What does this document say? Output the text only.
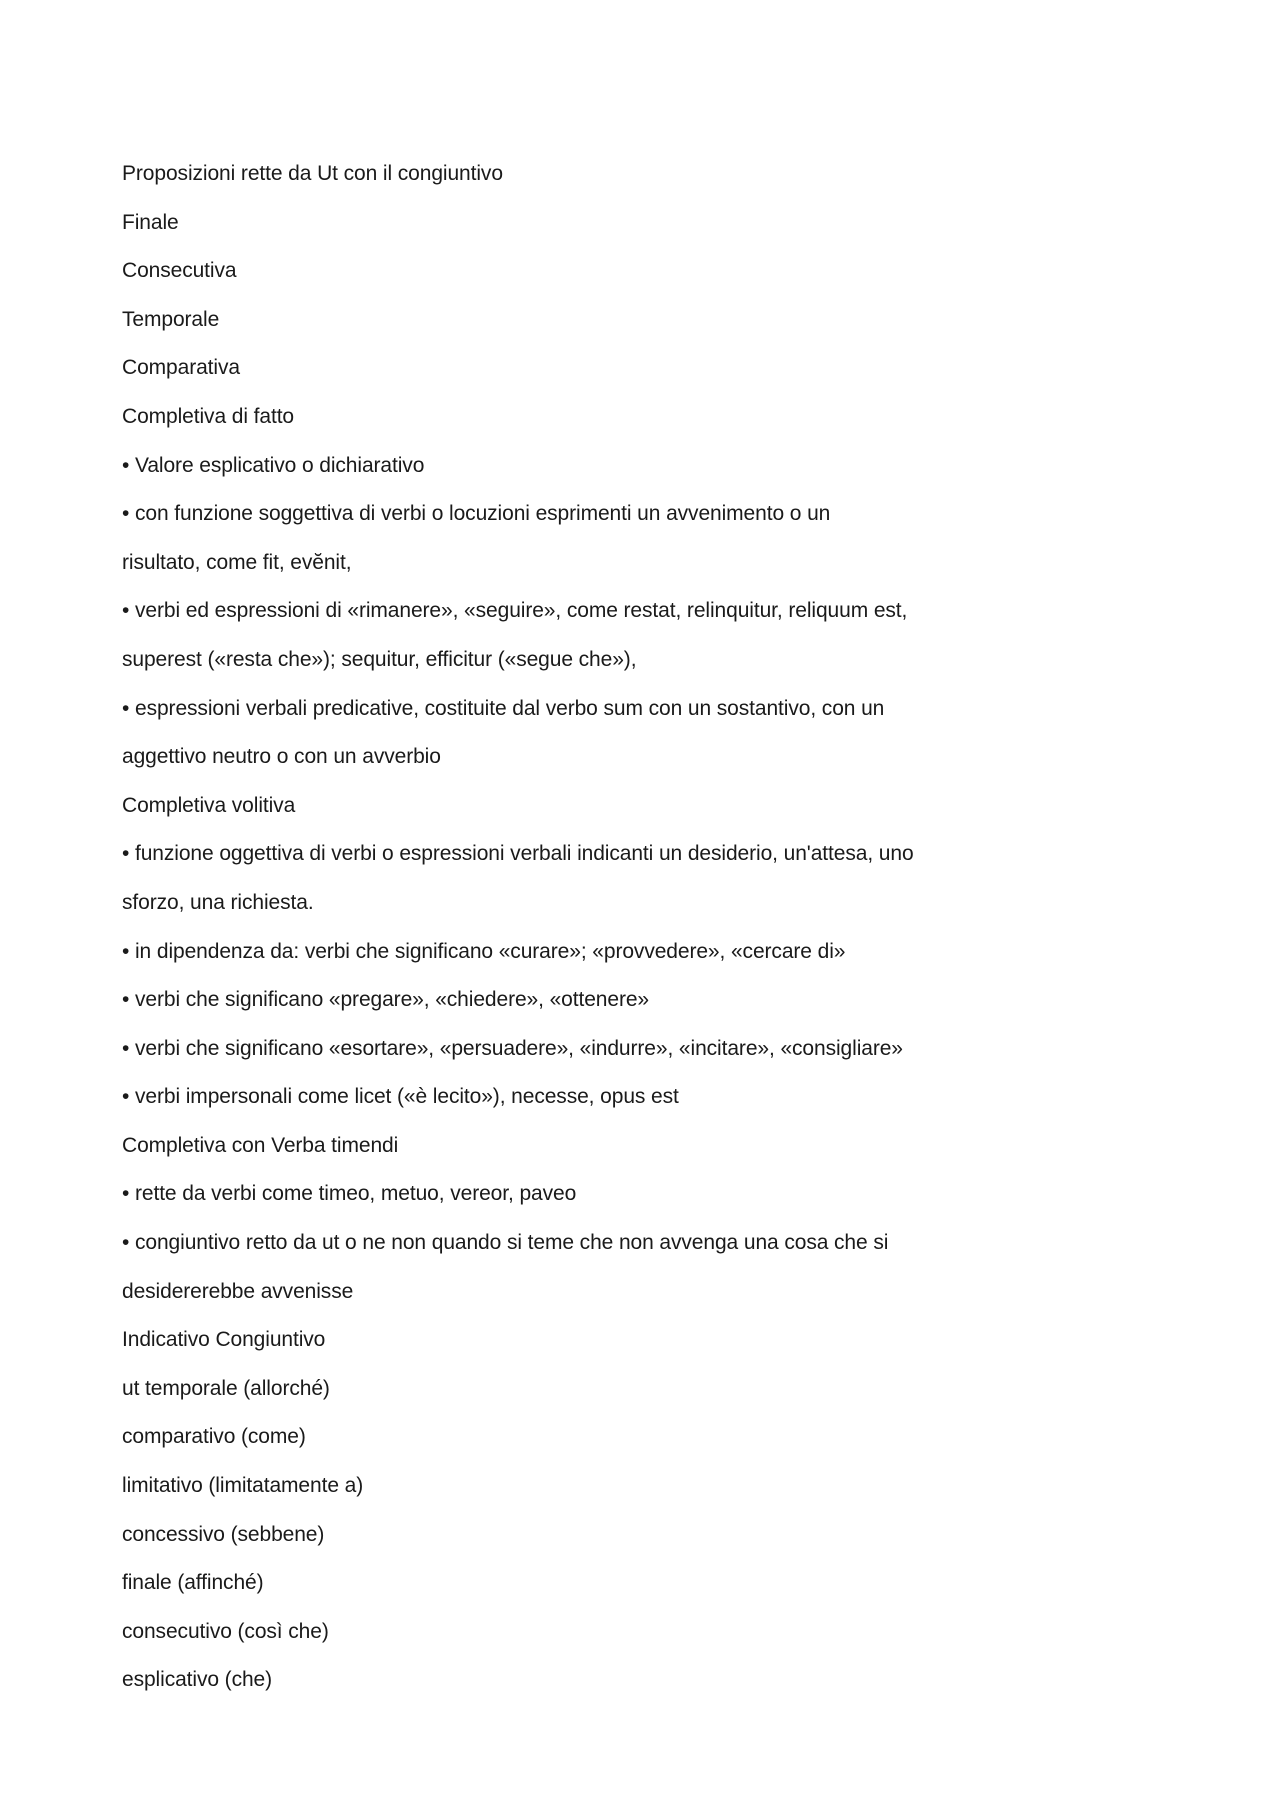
Proposizioni rette da Ut con il congiuntivo
Finale
Consecutiva
Temporale
Comparativa
Completiva di fatto
• Valore esplicativo o dichiarativo
• con funzione soggettiva di verbi o locuzioni esprimenti un avvenimento o un
risultato, come fit, evĕnit,
• verbi ed espressioni di «rimanere», «seguire», come restat, relinquitur, reliquum est,
superest («resta che»); sequitur, efficitur («segue che»),
• espressioni verbali predicative, costituite dal verbo sum con un sostantivo, con un
aggettivo neutro o con un avverbio
Completiva volitiva
• funzione oggettiva di verbi o espressioni verbali indicanti un desiderio, un'attesa, uno
sforzo, una richiesta.
• in dipendenza da: verbi che significano «curare»; «provvedere», «cercare di»
• verbi che significano «pregare», «chiedere», «ottenere»
• verbi che significano «esortare», «persuadere», «indurre», «incitare», «consigliare»
• verbi impersonali come licet («è lecito»), necesse, opus est
Completiva con Verba timendi
• rette da verbi come timeo, metuo, vereor, paveo
• congiuntivo retto da ut o ne non quando si teme che non avvenga una cosa che si
desidererebbe avvenisse
Indicativo Congiuntivo
ut temporale (allorché)
comparativo (come)
limitativo (limitatamente a)
concessivo (sebbene)
finale (affinché)
consecutivo (così che)
esplicativo (che)
